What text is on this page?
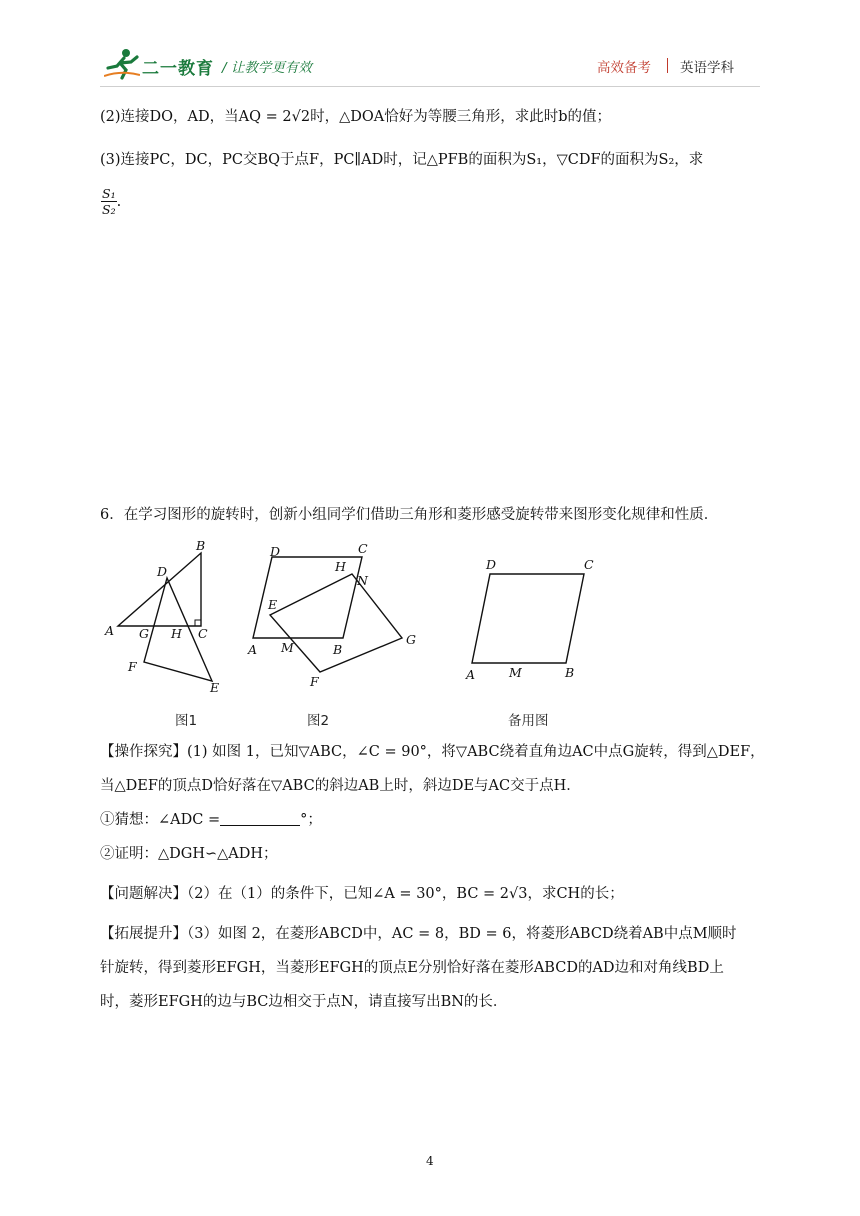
二一教育 / 让教学更有效	高效备考 英语学科
(2)连接DO，AD，当AQ = 2√2时，△DOA恰好为等腰三角形，求此时b的值；
(3)连接PC，DC，PC交BQ于点F，PC∥AD时，记△PFB的面积为S₁，▽CDF的面积为S₂，求
$\frac{\text{S₁}}{\text{S₂}}$ .
6．在学习图形的旋转时，创新小组同学们借助三角形和菱形感受旋转带来图形变化规律和性质．
B
D
A G H C
F
E
图1
D	C
H
N
E
G
A M	B
F
图2
D	C
A	M	B
备用图
【操作探究】(1) 如图 1，已知▽ABC，∠C = 90°，将▽ABC绕着直角边AC中点G旋转，得到△DEF，
当△DEF的顶点D恰好落在▽ABC的斜边AB上时，斜边DE与AC交于点H．
①猜想：∠ADC =	°；
②证明：△DGH∽△ADH；
【问题解决】（2）在（1）的条件下，已知∠A = 30°，BC = 2√3，求CH的长；
【拓展提升】（3）如图 2，在菱形ABCD中，AC = 8，BD = 6，将菱形ABCD绕着AB中点M顺时
针旋转，得到菱形EFGH，当菱形EFGH的顶点E分别恰好落在菱形ABCD的AD边和对角线BD上
时，菱形EFGH的边与BC边相交于点N，请直接写出BN的长．
4
